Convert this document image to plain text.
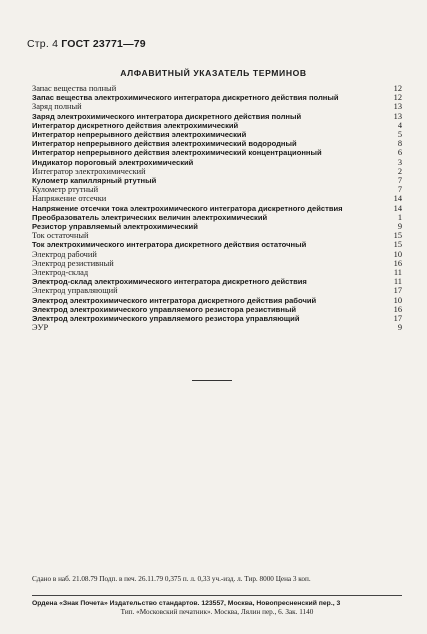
Стр. 4 ГОСТ 23771—79
АЛФАВИТНЫЙ УКАЗАТЕЛЬ ТЕРМИНОВ
Запас вещества полный	12
Запас вещества электрохимического интегратора дискретного действия полный	12
Заряд полный	13
Заряд электрохимического интегратора дискретного действия полный	13
Интегратор дискретного действия электрохимический	4
Интегратор непрерывного действия электрохимический	5
Интегратор непрерывного действия электрохимический водородный	8
Интегратор непрерывного действия электрохимический концентрационный	6
Индикатор пороговый электрохимический	3
Интегратор электрохимический	2
Кулометр капиллярный ртутный	7
Кулометр ртутный	7
Напряжение отсечки	14
Напряжение отсечки тока электрохимического интегратора дискретного действия	14
Преобразователь электрических величин электрохимический	1
Резистор управляемый электрохимический	9
Ток остаточный	15
Ток электрохимического интегратора дискретного действия остаточный	15
Электрод рабочий	10
Электрод резистивный	16
Электрод-склад	11
Электрод-склад электрохимического интегратора дискретного действия	11
Электрод управляющий	17
Электрод электрохимического интегратора дискретного действия рабочий	10
Электрод электрохимического управляемого резистора резистивный	16
Электрод электрохимического управляемого резистора управляющий	17
ЭУР	9
Сдано в наб. 21.08.79 Подп. в печ. 26.11.79 0,375 п. л. 0,33 уч.-изд. л. Тир. 8000 Цена 3 коп.
Ордена «Знак Почета» Издательство стандартов. 123557, Москва, Новопресненский пер., 3
Тип. «Московский печатник». Москва, Лялин пер., 6. Зак. 1140
